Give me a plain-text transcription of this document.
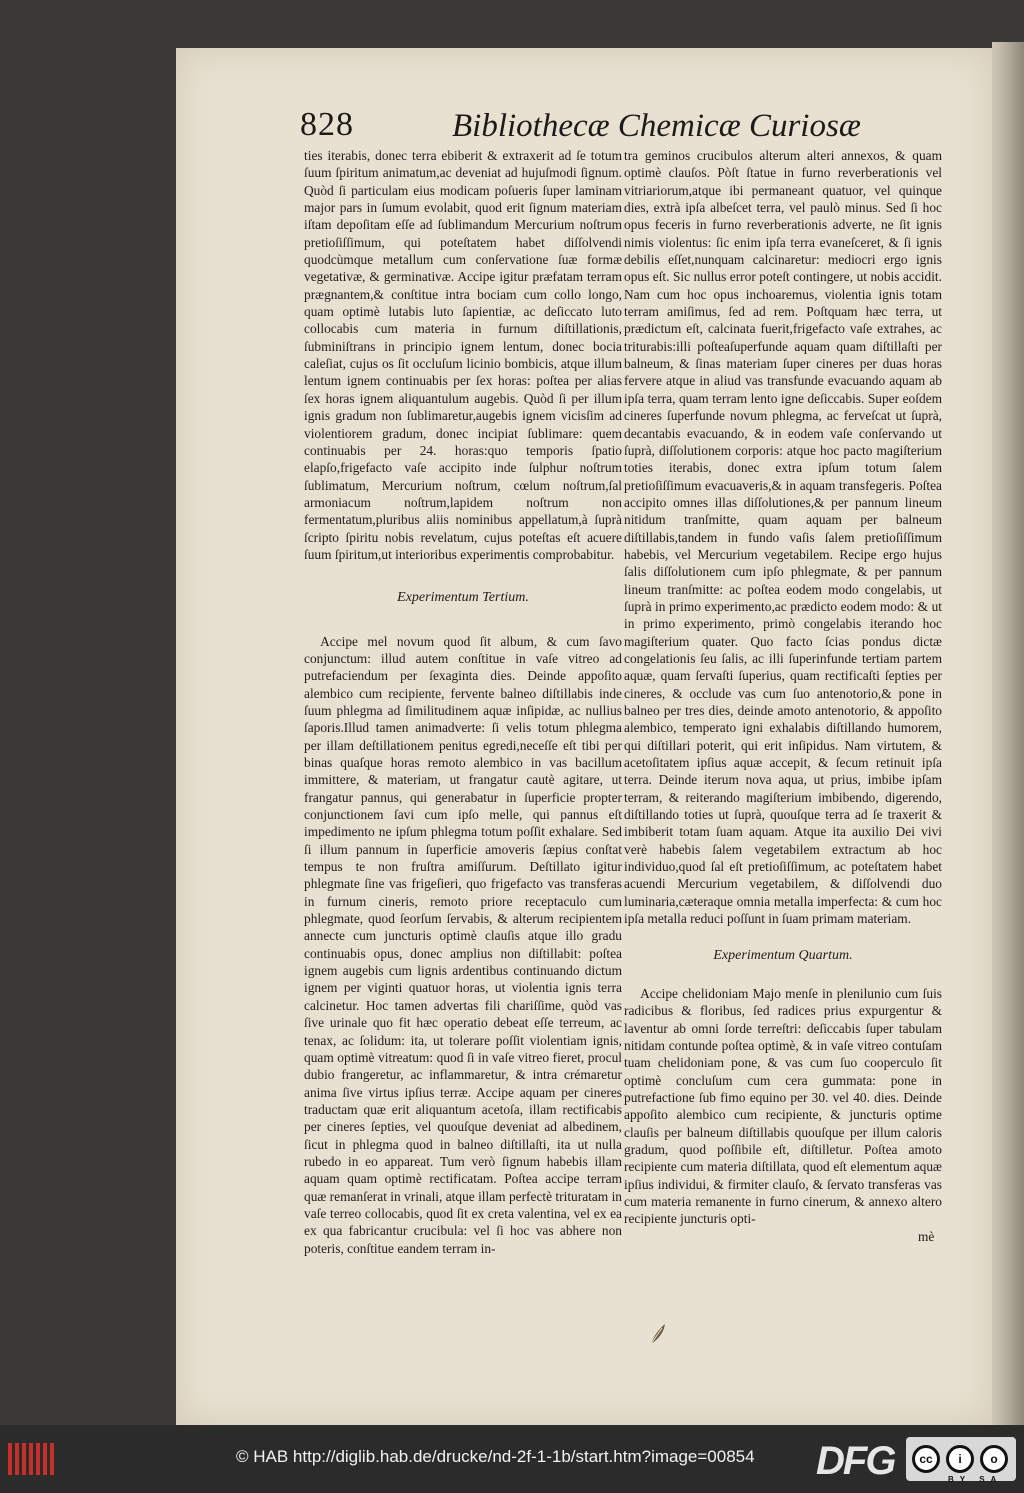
828	Bibliothecæ Chemicæ Curiosæ

ties iterabis, donec terra ebiberit & extraxerit ad ſe totum ſuum ſpiritum animatum,ac deveniat ad hujuſmodi ſignum. Quòd ſi particulam eius modicam poſueris ſuper laminam major pars in ſumum evolabit, quod erit ſignum materiam iſtam depoſitam eſſe ad ſublimandum Mercurium noſtrum pretioſiſſimum, qui poteſtatem habet diſſolvendi quodcùmque metallum cum conſervatione ſuæ formæ vegetativæ, & germinativæ. Accipe igitur præfatam terram prægnantem,& conſtitue intra bociam cum collo longo, quam optimè lutabis luto ſapientiæ, ac deſiccato luto collocabis cum materia in furnum diſtillationis, ſubminiſtrans in principio ignem lentum, donec bocia caleſiat, cujus os ſit occluſum licinio bombicis, atque illum lentum ignem continuabis per ſex horas: poſtea per alias ſex horas ignem aliquantulum augebis. Quòd ſi per illum ignis gradum non ſublimaretur,augebis ignem vicisſim ad violentiorem gradum, donec incipiat ſublimare: quem continuabis per 24. horas:quo temporis ſpatio elapſo,frigefacto vaſe accipito inde ſulphur noſtrum ſublimatum, Mercurium noſtrum, cœlum noſtrum,ſal armoniacum noſtrum,lapidem noſtrum non fermentatum,pluribus aliis nominibus appellatum,à ſuprà ſcripto ſpiritu nobis revelatum, cujus poteſtas eſt acuere ſuum ſpiritum,ut interioribus experimentis comprobabitur.

Experimentum Tertium.

Accipe mel novum quod ſit album, & cum ſavo conjunctum: illud autem conſtitue in vaſe vitreo ad putrefaciendum per ſexaginta dies. Deinde appoſito alembico cum recipiente, fervente balneo diſtillabis inde ſuum phlegma ad ſimilitudinem aquæ inſipidæ, ac nullius ſaporis.Illud tamen animadverte: ſi velis totum phlegma per illam deſtillationem penitus egredi,neceſſe eſt tibi per binas quaſque horas remoto alembico in vas bacillum immittere, & materiam, ut frangatur cautè agitare, ut frangatur pannus, qui generabatur in ſuperficie propter conjunctionem ſavi cum ipſo melle, qui pannus eſt impedimento ne ipſum phlegma totum poſſit exhalare. Sed ſi illum pannum in ſuperficie amoveris ſæpius conſtat tempus te non fruſtra amiſſurum. Deſtillato igitur phlegmate ſine vas frigeſieri, quo frigefacto vas transferas in furnum cineris, remoto priore receptaculo cum phlegmate, quod ſeorſum ſervabis, & alterum recipientem annecte cum juncturis optimè clauſis atque illo gradu continuabis opus, donec amplius non diſtillabit: poſtea ignem augebis cum lignis ardentibus continuando dictum ignem per viginti quatuor horas, ut violentia ignis terra calcinetur. Hoc tamen advertas fili chariſſime, quòd vas ſive urinale quo fit hæc operatio debeat eſſe terreum, ac tenax, ac ſolidum: ita, ut tolerare poſſit violentiam ignis, quam optimè vitreatum: quod ſi in vaſe vitreo fieret, procul dubio frangeretur, ac inflammaretur, & intra crémaretur anima ſive virtus ipſius terræ. Accipe aquam per cineres traductam quæ erit aliquantum acetoſa, illam rectificabis per cineres ſepties, vel quouſque deveniat ad albedinem, ſicut in phlegma quod in balneo diſtillaſti, ita ut nulla rubedo in eo appareat. Tum verò ſignum habebis illam aquam quam optimè rectificatam. Poſtea accipe terram quæ remanſerat in vrinali, atque illam perfectè trituratam in vaſe terreo collocabis, quod ſit ex creta valentina, vel ex ea ex qua fabricantur crucibula: vel ſi hoc vas abhere non poteris, conſtitue eandem terram in-

tra geminos crucibulos alterum alteri annexos, & quam optimè clauſos. Pòſt ſtatue in furno reverberationis vel vitriariorum,atque ibi permaneant quatuor, vel quinque dies, extrà ipſa albeſcet terra, vel paulò minus. Sed ſi hoc opus feceris in furno reverberationis adverte, ne ſit ignis nimis violentus: ſic enim ipſa terra evaneſceret, & ſi ignis debilis eſſet,nunquam calcinaretur: mediocri ergo ignis opus eſt. Sic nullus error poteſt contingere, ut nobis accidit. Nam cum hoc opus inchoaremus, violentia ignis totam terram amiſimus, ſed ad rem. Poſtquam hæc terra, ut prædictum eſt, calcinata fuerit,frigefacto vaſe extrahes, ac triturabis:illi poſteaſuperfunde aquam quam diſtillaſti per balneum, & ſinas materiam ſuper cineres per duas horas fervere atque in aliud vas transfunde evacuando aquam ab ipſa terra, quam terram lento igne deſiccabis. Super eoſdem cineres ſuperfunde novum phlegma, ac ferveſcat ut ſuprà, decantabis evacuando, & in eodem vaſe conſervando ut ſuprà, diſſolutionem corporis: atque hoc pacto magiſterium toties iterabis, donec extra ipſum totum ſalem pretioſiſſimum evacuaveris,& in aquam transfegeris. Poſtea accipito omnes illas diſſolutiones,& per pannum lineum nitidum tranſmitte, quam aquam per balneum diſtillabis,tandem in fundo vaſis ſalem pretioſiſſimum habebis, vel Mercurium vegetabilem. Recipe ergo hujus ſalis diſſolutionem cum ipſo phlegmate, & per pannum lineum tranſmitte: ac poſtea eodem modo congelabis, ut ſuprà in primo experimento,ac prædicto eodem modo: & ut in primo experimento, primò congelabis iterando hoc magiſterium quater. Quo facto ſcias pondus dictæ congelationis ſeu ſalis, ac illi ſuperinfunde tertiam partem aquæ, quam ſervaſti ſuperius, quam rectificaſti ſepties per cineres, & occlude vas cum ſuo antenotorio,& pone in balneo per tres dies, deinde amoto antenotorio, & appoſito alembico, temperato igni exhalabis diſtillando humorem, qui diſtillari poterit, qui erit inſipidus. Nam virtutem, & acetoſitatem ipſius aquæ accepit, & ſecum retinuit ipſa terra. Deinde iterum nova aqua, ut prius, imbibe ipſam terram, & reiterando magiſterium imbibendo, digerendo, diſtillando toties ut ſuprà, quouſque terra ad ſe traxerit & imbiberit totam ſuam aquam. Atque ita auxilio Dei vivi verè habebis ſalem vegetabilem extractum ab hoc individuo,quod ſal eſt pretioſiſſimum, ac poteſtatem habet acuendi Mercurium vegetabilem, & diſſolvendi duo luminaria,cæteraque omnia metalla imperfecta: & cum hoc ipſa metalla reduci poſſunt in ſuam primam materiam.

Experimentum Quartum.

Accipe chelidoniam Majo menſe in plenilunio cum ſuis radicibus & floribus, ſed radices prius expurgentur & laventur ab omni ſorde terreſtri: deſiccabis ſuper tabulam nitidam contunde poſtea optimè, & in vaſe vitreo contuſam tuam chelidoniam pone, & vas cum ſuo cooperculo ſit optimè concluſum cum cera gummata: pone in putrefactione ſub fimo equino per 30. vel 40. dies. Deinde appoſito alembico cum recipiente, & juncturis optime clauſis per balneum diſtillabis quouſque per illum caloris gradum, quod poſſibile eſt, diſtilletur. Poſtea amoto recipiente cum materia diſtillata, quod eſt elementum aquæ ipſius individui, & firmiter clauſo, & ſervato transferas vas cum materia remanente in furno cinerum, & annexo altero recipiente juncturis opti-

mè
© HAB http://diglib.hab.de/drucke/nd-2f-1-1b/start.htm?image=00854 DFG	cc	i	o
BY SA
